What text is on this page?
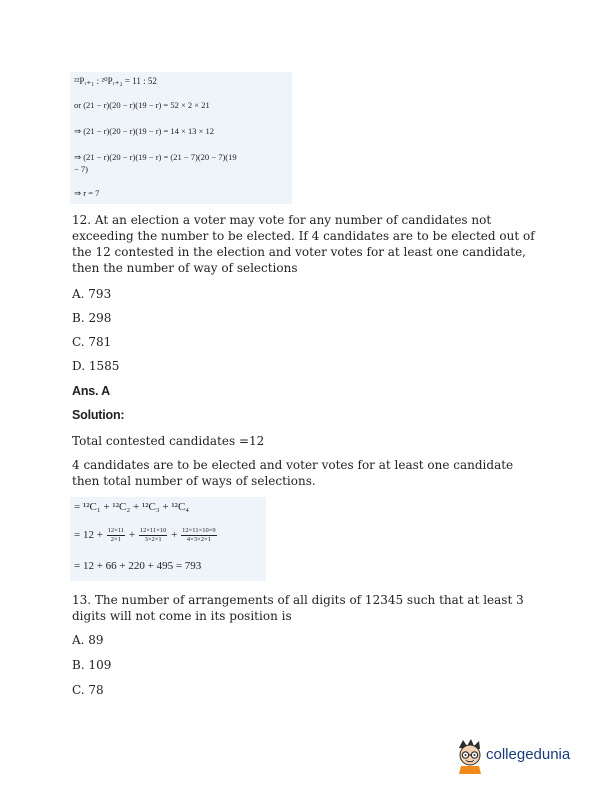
²²Pᵣ₊₁ : ²⁰Pᵣ₊₂ = 11 : 52
or (21 − r)(20 − r)(19 − r) = 52 × 2 × 21
⇒ (21 − r)(20 − r)(19 − r) = 14 × 13 × 12
⇒ (21 − r)(20 − r)(19 − r) = (21 − 7)(20 − 7)(19
− 7)
⇒ r = 7
12. At an election a voter may vote for any number of candidates not exceeding the number to be elected. If 4 candidates are to be elected out of the 12 contested in the election and voter votes for at least one candidate, then the number of way of selections
A. 793
B. 298
C. 781
D. 1585
Ans. A
Solution:
Total contested candidates =12
4 candidates are to be elected and voter votes for at least one candidate then total number of ways of selections.
= ¹²C₁ + ¹²C₂ + ¹²C₃ + ¹²C₄
= $12 + \frac{12\times 11}{2\times 1} + \frac{12\times 11\times 10}{3\times 2\times 1} + \frac{12\times 11\times 10\times 9}{4\times 3\times 2\times 1}$
= 12 + 66 + 220 + 495 = 793
13. The number of arrangements of all digits of 12345 such that at least 3 digits will not come in its position is
A. 89
B. 109
C. 78
collegedunia
